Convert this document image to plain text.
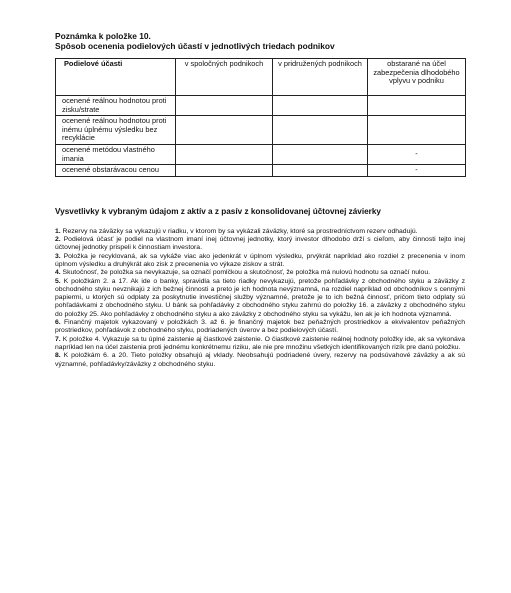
Poznámka k položke 10.

Spôsob ocenenia podielových účastí v jednotlivých triedach podnikov

Podielové účasti	v spoločných podnikoch	v pridružených podnikoch	obstarané na účel zabezpečenia dlhodobého vplyvu v podniku
ocenené reálnou hodnotou proti zisku/strate			
ocenené reálnou hodnotou proti inému úplnému výsledku bez recyklácie			
ocenené metódou vlastného imania			-
ocenené obstarávacou cenou			-
Vysvetlivky k vybraným údajom z aktív a z pasív z konsolidovanej účtovnej závierky

1. Rezervy na záväzky sa vykazujú v riadku, v ktorom by sa vykázali záväzky, ktoré sa prostredníctvom rezerv odhadujú.

2. Podielová účasť je podiel na vlastnom imaní inej účtovnej jednotky, ktorý investor dlhodobo drží s cieľom, aby činnosti tejto inej účtovnej jednotky prispeli k činnostiam investora.

3. Položka je recyklovaná, ak sa vykáže viac ako jedenkrát v úplnom výsledku, prvýkrát napríklad ako rozdiel z precenenia v inom úplnom výsledku a druhýkrát ako zisk z precenenia vo výkaze ziskov a strát.

4. Skutočnosť, že položka sa nevykazuje, sa označí pomlčkou a skutočnosť, že položka má nulovú hodnotu sa označí nulou.

5. K položkám 2. a 17. Ak ide o banky, spravidla sa tieto riadky nevykazujú, pretože pohľadávky z obchodného styku a záväzky z obchodného styku nevznikajú z ich bežnej činnosti a preto je ich hodnota nevýznamná, na rozdiel napríklad od obchodníkov s cennými papiermi, u ktorých sú odplaty za poskytnutie investičnej služby významné, pretože je to ich bežná činnosť, pričom tieto odplaty sú pohľadávkami z obchodného styku. U bánk sa pohľadávky z obchodného styku zahrnú do položky 16. a záväzky z obchodného styku do položky 25. Ako pohľadávky z obchodného styku a ako záväzky z obchodného styku sa vykážu, len ak je ich hodnota významná.

6. Finančný majetok vykazovaný v položkách 3. až 6. je finančný majetok bez peňažných prostriedkov a ekvivalentov peňažných prostriedkov, pohľadávok z obchodného styku, podriadených úverov a bez podielových účastí.

7. K položke 4. Vykazuje sa tu úplné zaistenie aj čiastkové zaistenie. O čiastkové zaistenie reálnej hodnoty položky ide, ak sa vykonáva napríklad len na účel zaistenia proti jednému konkrétnemu riziku, ale nie pre množinu všetkých identifikovaných rizík pre danú položku.

8. K položkám 6. a 20. Tieto položky obsahujú aj vklady. Neobsahujú podriadené úvery, rezervy na podsúvahové záväzky a ak sú významné, pohľadávky/záväzky z obchodného styku.
